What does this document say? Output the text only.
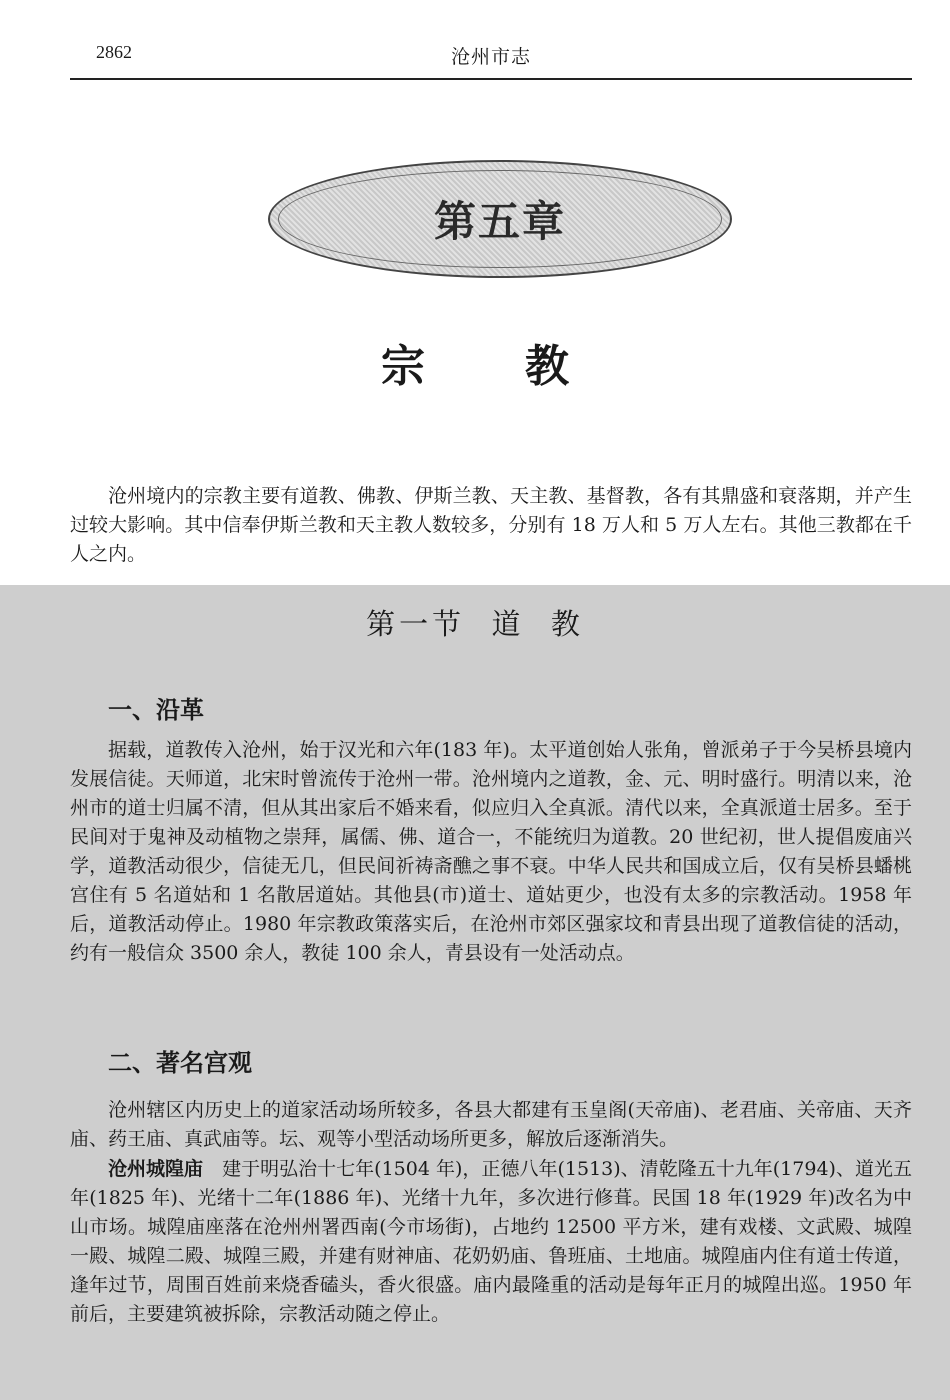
2862	沧州市志
第五章
宗教

沧州境内的宗教主要有道教、佛教、伊斯兰教、天主教、基督教，各有其鼎盛和衰落期，并产生过较大影响。其中信奉伊斯兰教和天主教人数较多，分别有 18 万人和 5 万人左右。其他三教都在千人之内。

第一节  道  教
一、沿革

据载，道教传入沧州，始于汉光和六年(183 年)。太平道创始人张角，曾派弟子于今吴桥县境内发展信徒。天师道，北宋时曾流传于沧州一带。沧州境内之道教，金、元、明时盛行。明清以来，沧州市的道士归属不清，但从其出家后不婚来看，似应归入全真派。清代以来，全真派道士居多。至于民间对于鬼神及动植物之崇拜，属儒、佛、道合一，不能统归为道教。20 世纪初，世人提倡废庙兴学，道教活动很少，信徒无几，但民间祈祷斋醮之事不衰。中华人民共和国成立后，仅有吴桥县蟠桃宫住有 5 名道姑和 1 名散居道姑。其他县(市)道士、道姑更少，也没有太多的宗教活动。1958 年后，道教活动停止。1980 年宗教政策落实后，在沧州市郊区强家坟和青县出现了道教信徒的活动，约有一般信众 3500 余人，教徒 100 余人，青县设有一处活动点。

二、著名宫观

沧州辖区内历史上的道家活动场所较多，各县大都建有玉皇阁(天帝庙)、老君庙、关帝庙、天齐庙、药王庙、真武庙等。坛、观等小型活动场所更多，解放后逐渐消失。

沧州城隍庙　建于明弘治十七年(1504 年)，正德八年(1513)、清乾隆五十九年(1794)、道光五年(1825 年)、光绪十二年(1886 年)、光绪十九年，多次进行修葺。民国 18 年(1929 年)改名为中山市场。城隍庙座落在沧州州署西南(今市场街)，占地约 12500 平方米，建有戏楼、文武殿、城隍一殿、城隍二殿、城隍三殿，并建有财神庙、花奶奶庙、鲁班庙、土地庙。城隍庙内住有道士传道，逢年过节，周围百姓前来烧香磕头，香火很盛。庙内最隆重的活动是每年正月的城隍出巡。1950 年前后，主要建筑被拆除，宗教活动随之停止。
